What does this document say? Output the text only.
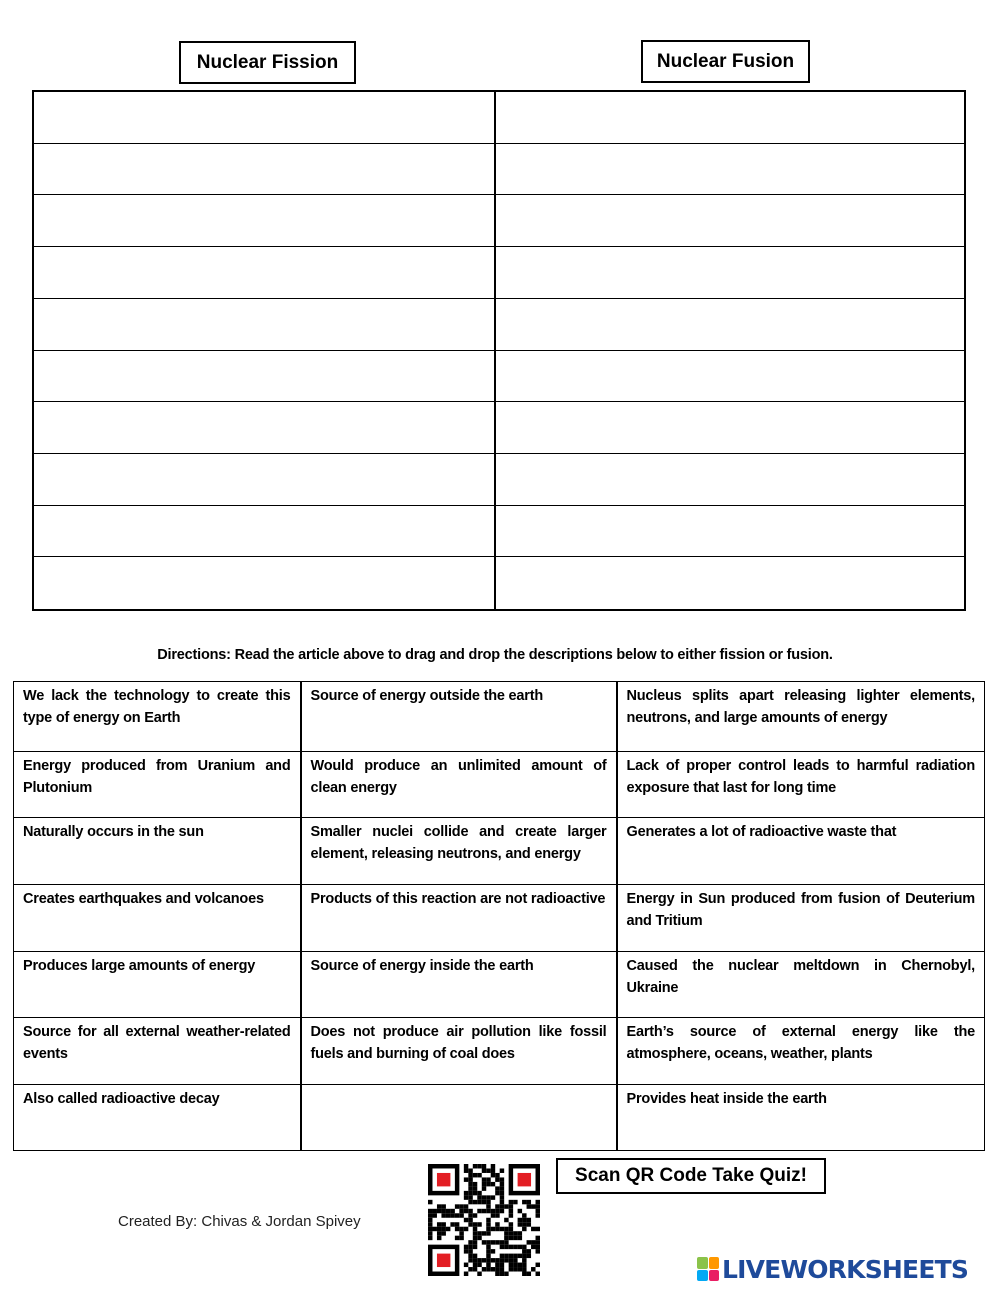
Nuclear Fission	Nuclear Fusion
Directions: Read the article above to drag and drop the descriptions below to either fission or fusion.
We lack the technology to create this type of energy on Earth	Source of energy outside the earth	Nucleus splits apart releasing lighter elements, neutrons, and large amounts of energy
Energy produced from Uranium and Plutonium	Would produce an unlimited amount of clean energy	Lack of proper control leads to harmful radiation exposure that last for long time
Naturally occurs in the sun	Smaller nuclei collide and create larger element, releasing neutrons, and energy	Generates a lot of radioactive waste that
Creates earthquakes and volcanoes	Products of this reaction are not radioactive	Energy in Sun produced from fusion of Deuterium and Tritium
Produces large amounts of energy	Source of energy inside the earth	Caused the nuclear meltdown in Chernobyl, Ukraine
Source for all external weather-related events	Does not produce air pollution like fossil fuels and burning of coal does	Earth’s source of external energy like the atmosphere, oceans, weather, plants
Also called radioactive decay		Provides heat inside the earth
Created By: Chivas & Jordan Spivey
Scan QR Code Take Quiz!
LIVEWORKSHEETS
